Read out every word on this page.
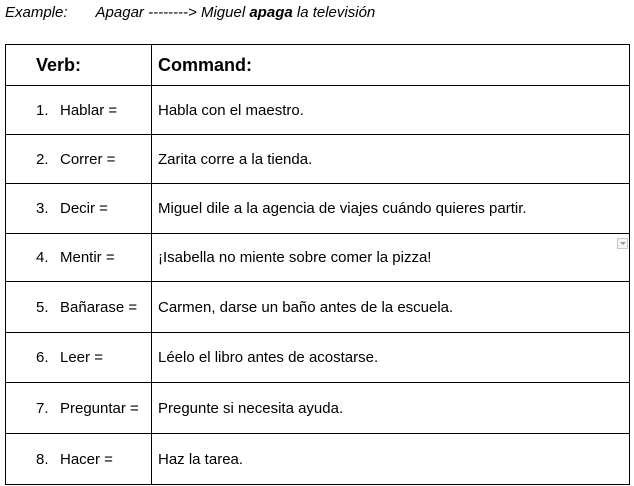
Example: Apagar --------> Miguel apaga la televisión
Verb:	Command:
1. Hablar =	Habla con el maestro.
2. Correr =	Zarita corre a la tienda.
3. Decir =	Miguel dile a la agencia de viajes cuándo quieres partir.
4. Mentir =	¡Isabella no miente sobre comer la pizza!

5. Bañarase =	Carmen, darse un baño antes de la escuela.
6. Leer =	Léelo el libro antes de acostarse.
7. Preguntar =	Pregunte si necesita ayuda.
8. Hacer =	Haz la tarea.
